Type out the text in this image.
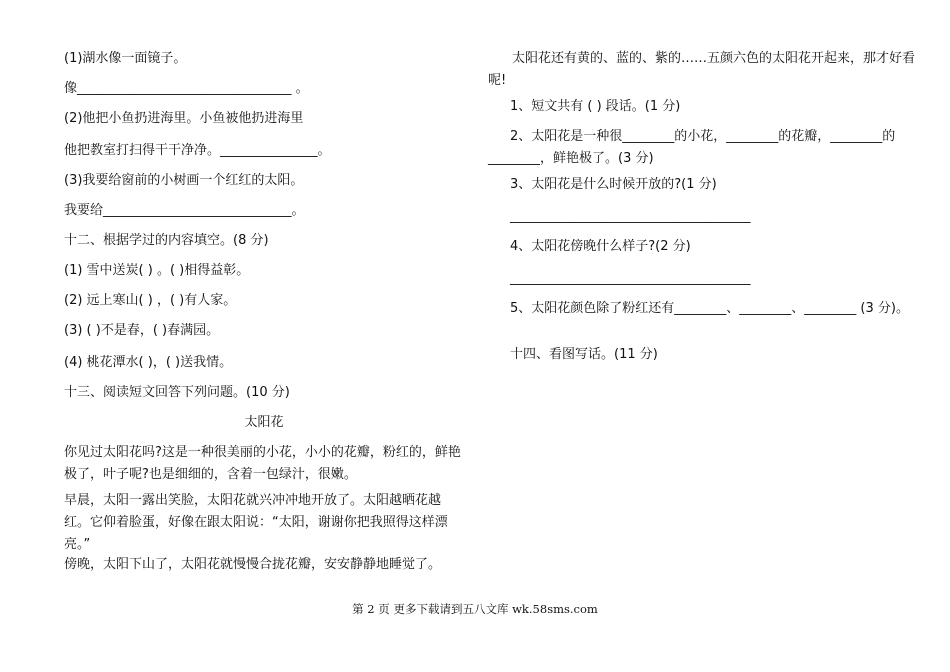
(1)湖水像一面镜子。
像_________________________________ 。
(2)他把小鱼扔进海里。小鱼被他扔进海里
他把教室打扫得干干净净。_______________。
(3)我要给窗前的小树画一个红红的太阳。
我要给_____________________________。
十二、根据学过的内容填空。(8 分)
(1) 雪中送炭( ) 。( )相得益彰。
(2) 远上寒山( ) ，( )有人家。
(3) ( )不是春，( )春满园。
(4) 桃花潭水( )，( )送我情。
十三、阅读短文回答下列问题。(10 分)
太阳花
你见过太阳花吗?这是一种很美丽的小花，小小的花瓣，粉红的，鲜艳极了，叶子呢?也是细细的，含着一包绿汁，很嫩。
早晨，太阳一露出笑脸，太阳花就兴冲冲地开放了。太阳越晒花越红。它仰着脸蛋，好像在跟太阳说：“太阳，谢谢你把我照得这样漂亮。”
傍晚，太阳下山了，太阳花就慢慢合拢花瓣，安安静静地睡觉了。
太阳花还有黄的、蓝的、紫的……五颜六色的太阳花开起来，那才好看呢!
1、短文共有 ( ) 段话。(1 分)
2、太阳花是一种很________的小花，________的花瓣，________的________，鲜艳极了。(3 分)
3、太阳花是什么时候开放的?(1 分)
_____________________________________
4、太阳花傍晚什么样子?(2 分)
_____________________________________
5、太阳花颜色除了粉红还有________、________、________ (3 分)。
十四、看图写话。(11 分)
第 2 页 更多下载请到五八文库 wk.58sms.com
